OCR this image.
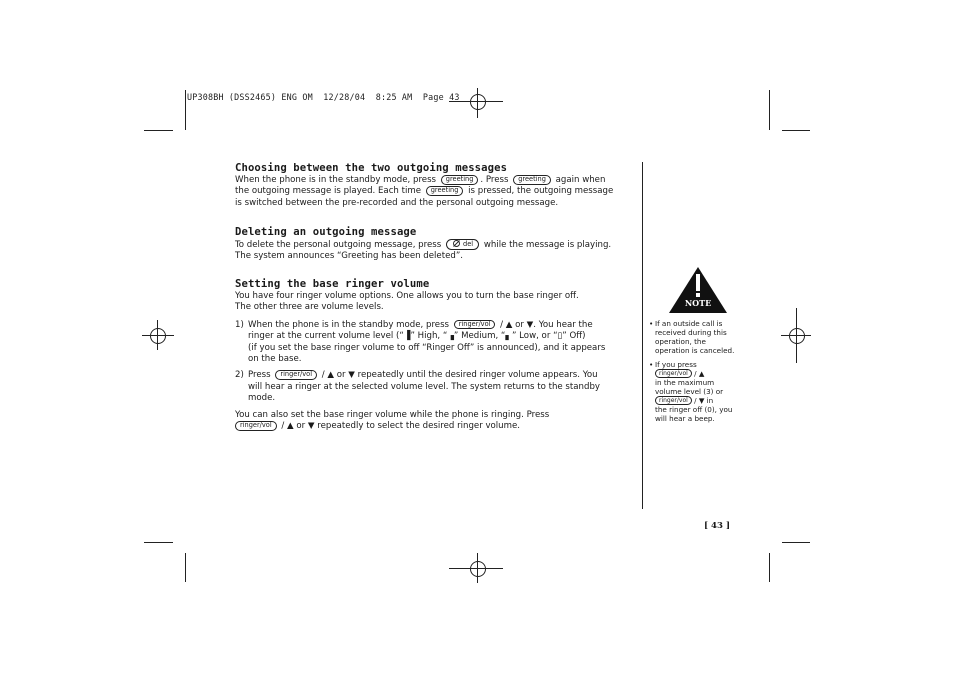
UP308BH (DSS2465) ENG OM  12/28/04  8:25 AM  Page 43
Choosing between the two outgoing messages

When the phone is in the standby mode, press greeting . Press greeting again when

the outgoing message is played. Each time greeting is pressed, the outgoing message

is switched between the pre-recorded and the personal outgoing message.

Deleting an outgoing message

To delete the personal outgoing message, press	del while the message is playing.

The system announces “Greeting has been deleted”.

Setting the base ringer volume

You have four ringer volume options. One allows you to turn the base ringer off.

The other three are volume levels.

1) When the phone is in the standby mode, press ringer/vol / ▲ or ▼. You hear the

ringer at the current volume level (“▐” High, “▗” Medium, “▖” Low, or “▯” Off)

(if you set the base ringer volume to off “Ringer Off” is announced), and it appears

on the base.

2) Press ringer/vol / ▲ or ▼ repeatedly until the desired ringer volume appears. You

will hear a ringer at the selected volume level. The system returns to the standby

mode.

You can also set the base ringer volume while the phone is ringing. Press

ringer/vol / ▲ or ▼ repeatedly to select the desired ringer volume.

NOTE
• If an outside call is

received during this

operation, the

operation is canceled.

• If you press

ringer/vol / ▲

in the maximum

volume level (3) or

ringer/vol / ▼ in

the ringer off (0), you

will hear a beep.

[ 43 ]
